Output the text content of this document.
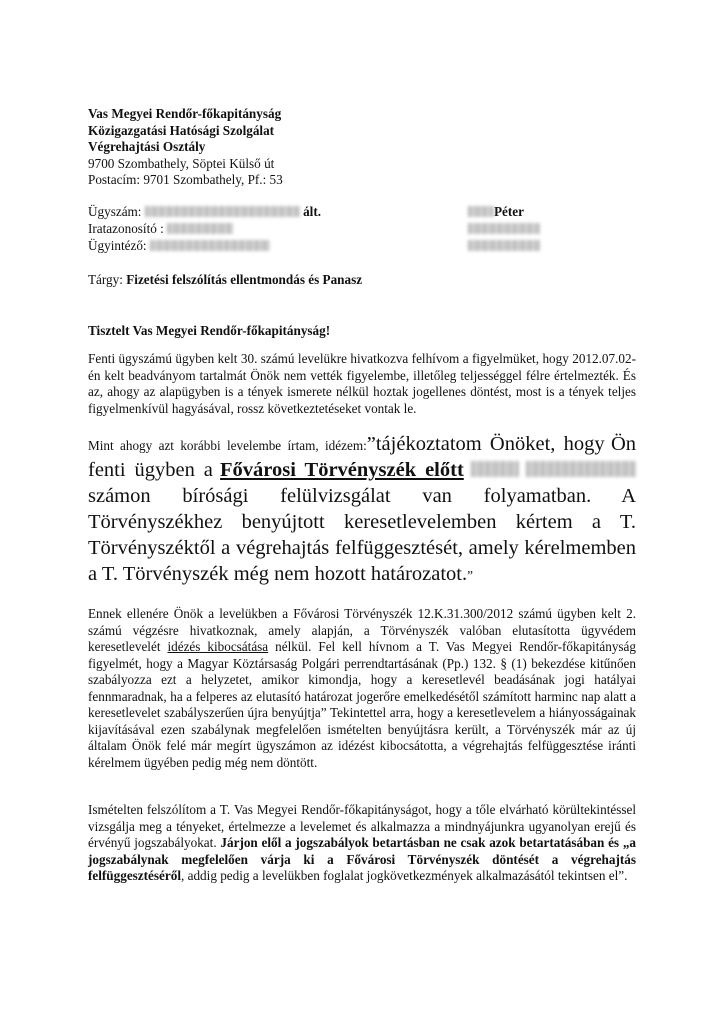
Vas Megyei Rendőr-főkapitányság
Közigazgatási Hatósági Szolgálat
Végrehajtási Osztály
9700 Szombathely, Söptei Külső út
Postacím: 9701 Szombathely, Pf.: 53
Ügyszám:	ált.	Péter
Iratazonosító :
Ügyintéző:
Tárgy: Fizetési felszólítás ellentmondás és Panasz
Tisztelt Vas Megyei Rendőr-főkapitányság!
Fenti ügyszámú ügyben kelt 30. számú levelükre hivatkozva felhívom a figyelmüket, hogy 2012.07.02-én kelt beadványom tartalmát Önök nem vették figyelembe, illetőleg teljességgel félre értelmezték. És az, ahogy az alapügyben is a tények ismerete nélkül hoztak jogellenes döntést, most is a tények teljes figyelmenkívül hagyásával, rossz következtetéseket vontak le.
Mint ahogy azt korábbi levelembe írtam, idézem:”tájékoztatom Önöket, hogy Ön fenti ügyben a Fővárosi Törvényszék előtt  számon bírósági felülvizsgálat van folyamatban. A Törvényszékhez benyújtott keresetlevelemben kértem a T. Törvényszéktől a végrehajtás felfüggesztését, amely kérelmemben a T. Törvényszék még nem hozott határozatot.”
Ennek ellenére Önök a levelükben a Fővárosi Törvényszék 12.K.31.300/2012 számú ügyben kelt 2. számú végzésre hivatkoznak, amely alapján, a Törvényszék valóban elutasította ügyvédem keresetlevelét idézés kibocsátása nélkül. Fel kell hívnom a T. Vas Megyei Rendőr-főkapitányság figyelmét, hogy a Magyar Köztársaság Polgári perrendtartásának (Pp.) 132. § (1) bekezdése kitűnően szabályozza ezt a helyzetet, amikor kimondja, hogy a keresetlevél beadásának jogi hatályai fennmaradnak, ha a felperes az elutasító határozat jogerőre emelkedésétől számított harminc nap alatt a keresetlevelet szabályszerűen újra benyújtja” Tekintettel arra, hogy a keresetlevelem a hiányosságainak kijavításával ezen szabálynak megfelelően ismételten benyújtásra került, a Törvényszék már az új általam Önök felé már megírt ügyszámon az idézést kibocsátotta, a végrehajtás felfüggesztése iránti kérelmem ügyében pedig még nem döntött.
Ismételten felszólítom a T. Vas Megyei Rendőr-főkapitányságot, hogy a tőle elvárható körültekintéssel vizsgálja meg a tényeket, értelmezze a levelemet és alkalmazza a mindnyájunkra ugyanolyan erejű és érvényű jogszabályokat. Járjon elől a jogszabályok betartásban ne csak azok betartatásában és „a jogszabálynak megfelelően várja ki a Fővárosi Törvényszék döntését a végrehajtás felfüggesztéséről, addig pedig a levelükben foglalat jogkövetkezmények alkalmazásától tekintsen el”.
